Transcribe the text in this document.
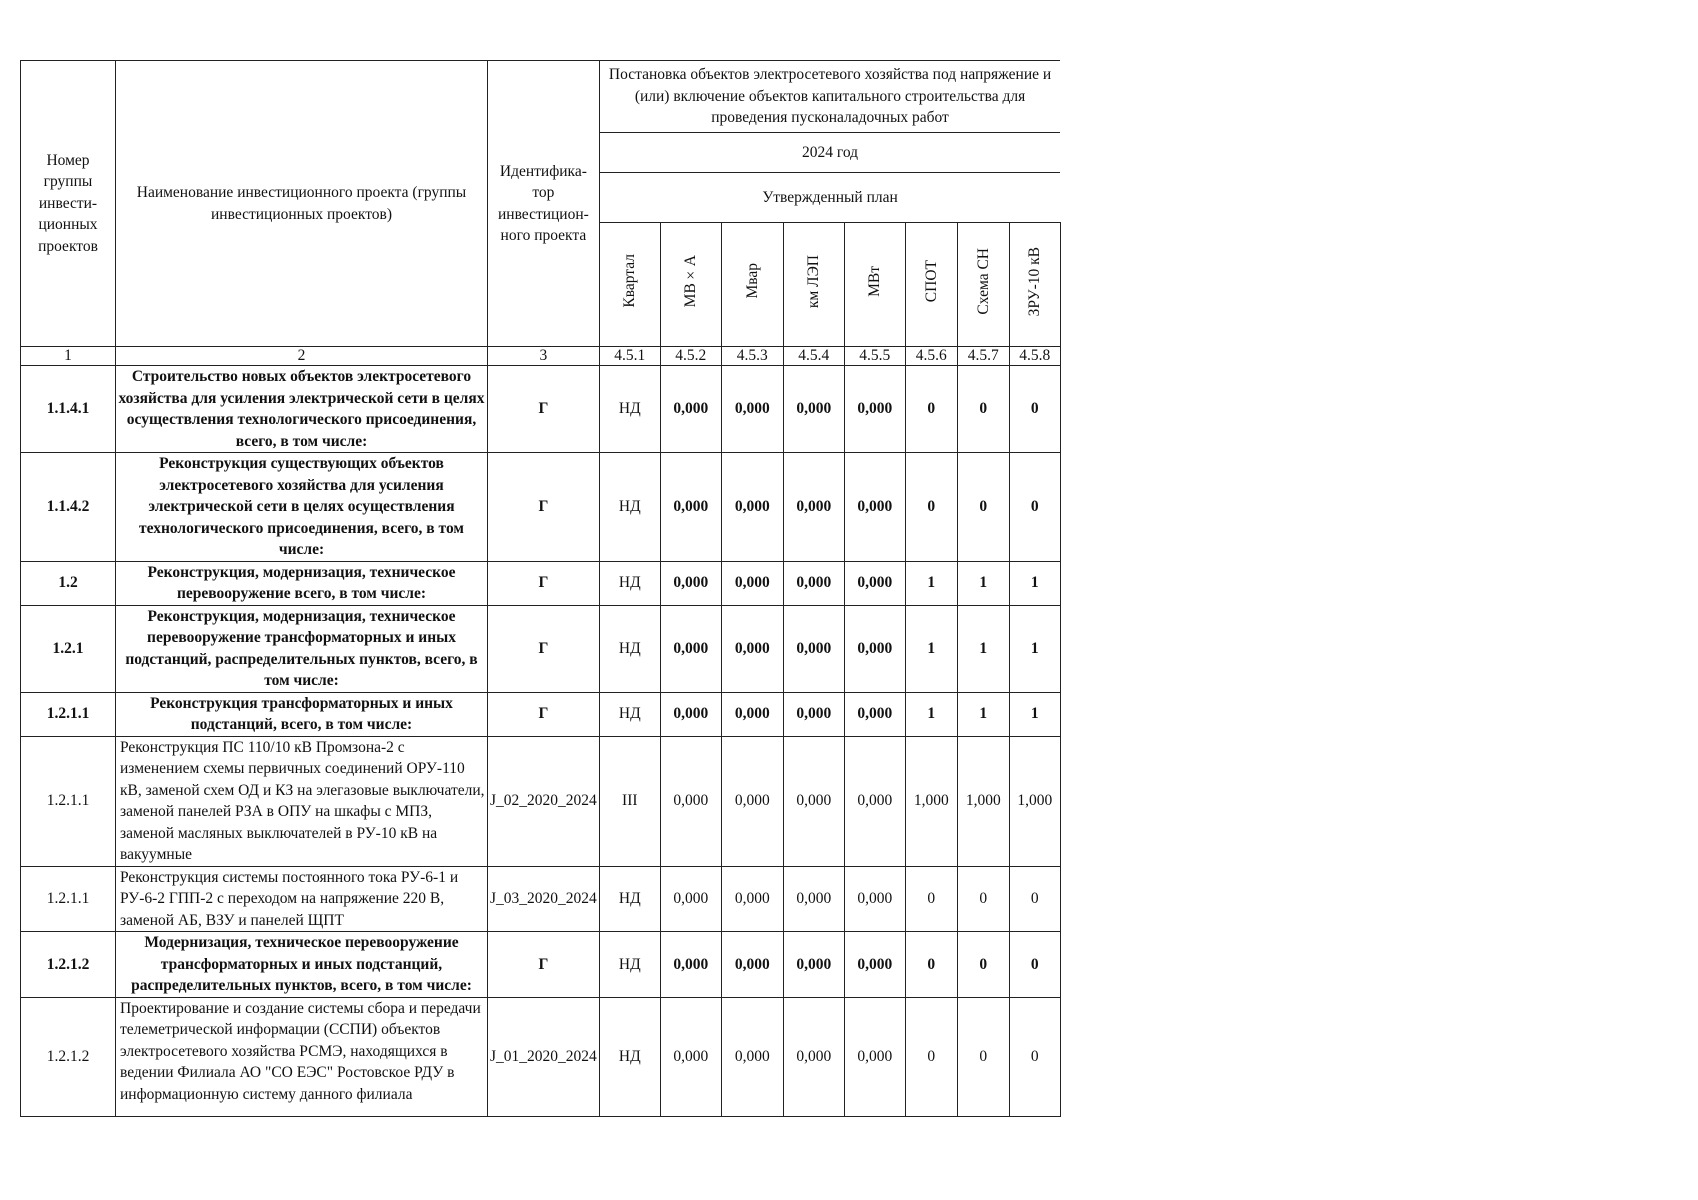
Номер группы инвести-ционных проектов	Наименование инвестиционного проекта (группы инвестиционных проектов)	Идентифика-тор инвестицион-ного проекта	Постановка объектов электросетевого хозяйства под напряжение и (или) включение объектов капитального строительства для проведения пусконаладочных работ							
			2024 год							
			Утвержденный план							
			Квартал	МВ×А	Мвар	км ЛЭП	МВт	СПОТ	Схема СН	ЗРУ-10 кВ
1	2	3	4.5.1	4.5.2	4.5.3	4.5.4	4.5.5	4.5.6	4.5.7	4.5.8
1.1.4.1	Строительство новых объектов электросетевого хозяйства для усиления электрической сети в целях осуществления технологического присоединения, всего, в том числе:	Г	НД	0,000	0,000	0,000	0,000	0	0	0
1.1.4.2	Реконструкция существующих объектов электросетевого хозяйства для усиления электрической сети в целях осуществления технологического присоединения, всего, в том числе:	Г	НД	0,000	0,000	0,000	0,000	0	0	0
1.2	Реконструкция, модернизация, техническое перевооружение всего, в том числе:	Г	НД	0,000	0,000	0,000	0,000	1	1	1
1.2.1	Реконструкция, модернизация, техническое перевооружение трансформаторных и иных подстанций, распределительных пунктов, всего, в том числе:	Г	НД	0,000	0,000	0,000	0,000	1	1	1
1.2.1.1	Реконструкция трансформаторных и иных подстанций, всего, в том числе:	Г	НД	0,000	0,000	0,000	0,000	1	1	1
1.2.1.1	Реконструкция ПС 110/10 кВ Промзона-2 с изменением схемы первичных соединений ОРУ-110 кВ, заменой схем ОД и КЗ на элегазовые выключатели, заменой панелей РЗА в ОПУ на шкафы с МПЗ, заменой масляных выключателей в РУ-10 кВ на вакуумные	J_02_2020_2024	III	0,000	0,000	0,000	0,000	1,000	1,000	1,000
1.2.1.1	Реконструкция системы постоянного тока РУ-6-1 и РУ-6-2 ГПП-2 с переходом на напряжение 220 В, заменой АБ, ВЗУ и панелей ЩПТ	J_03_2020_2024	НД	0,000	0,000	0,000	0,000	0	0	0
1.2.1.2	Модернизация, техническое перевооружение трансформаторных и иных подстанций, распределительных пунктов, всего, в том числе:	Г	НД	0,000	0,000	0,000	0,000	0	0	0
1.2.1.2	Проектирование и создание системы сбора и передачи телеметрической информации (ССПИ) объектов электросетевого хозяйства РСМЭ, находящихся в ведении Филиала АО "СО ЕЭС" Ростовское РДУ в информационную систему данного филиала	J_01_2020_2024	НД	0,000	0,000	0,000	0,000	0	0	0
